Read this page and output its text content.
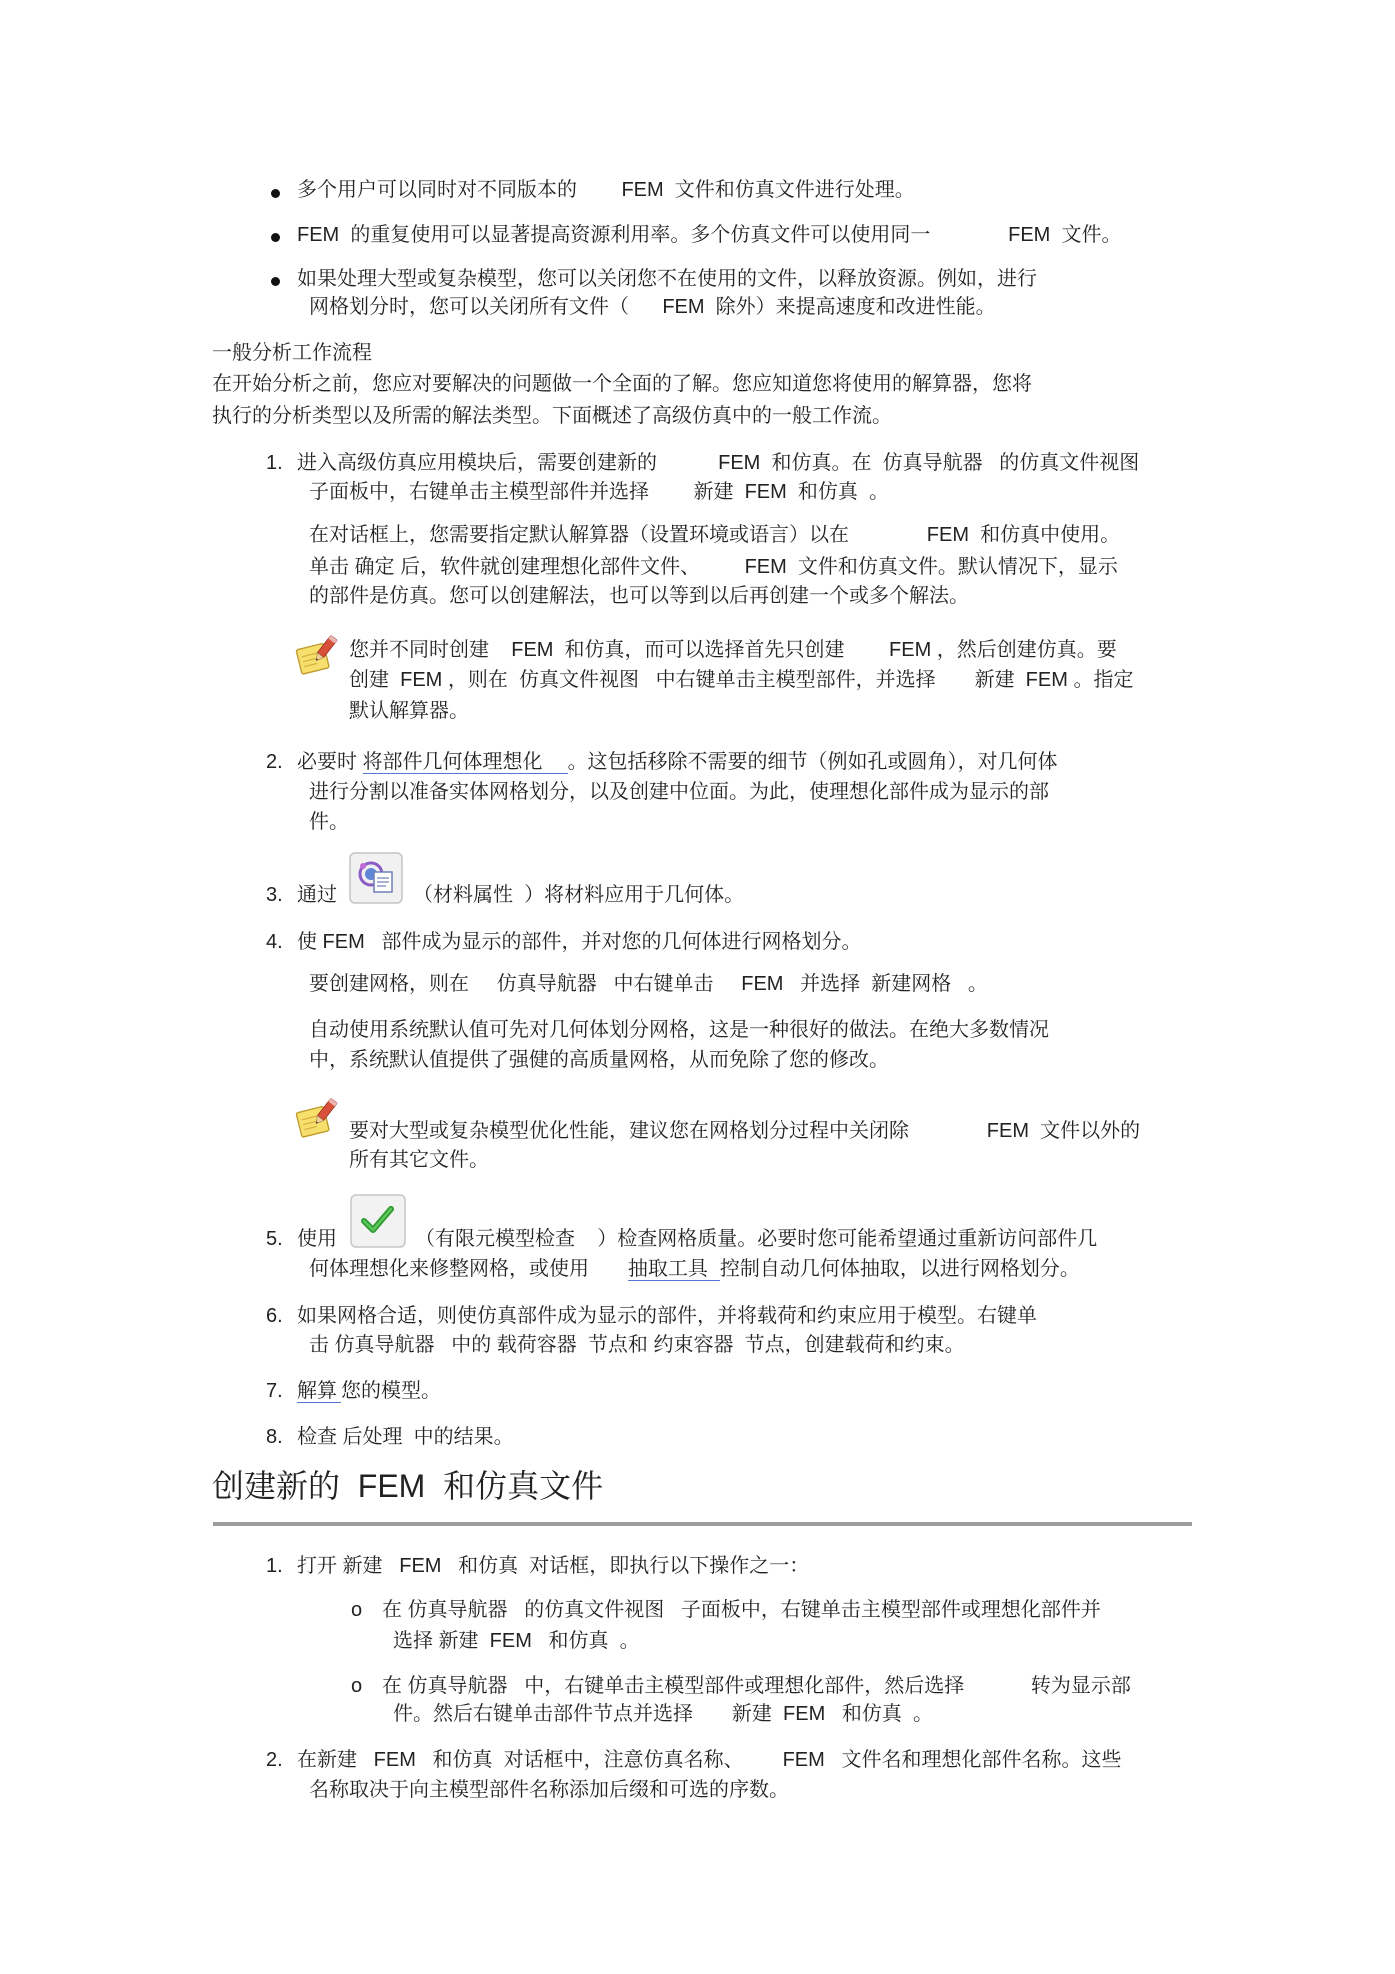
多个用户可以同时对不同版本的        FEM  文件和仿真文件进行处理。
FEM  的重复使用可以显著提高资源利用率。多个仿真文件可以使用同一              FEM  文件。
如果处理大型或复杂模型，您可以关闭您不在使用的文件，以释放资源。例如，进行
网格划分时，您可以关闭所有文件（      FEM  除外）来提高速度和改进性能。
一般分析工作流程
在开始分析之前，您应对要解决的问题做一个全面的了解。您应知道您将使用的解算器，您将
执行的分析类型以及所需的解法类型。下面概述了高级仿真中的一般工作流。
1. 进入高级仿真应用模块后，需要创建新的           FEM  和仿真。在  仿真导航器   的仿真文件视图
子面板中，右键单击主模型部件并选择        新建  FEM  和仿真  。
在对话框上，您需要指定默认解算器（设置环境或语言）以在              FEM  和仿真中使用。
单击 确定 后，软件就创建理想化部件文件、        FEM  文件和仿真文件。默认情况下，显示
的部件是仿真。您可以创建解法，也可以等到以后再创建一个或多个解法。
您并不同时创建    FEM  和仿真，而可以选择首先只创建        FEM ，然后创建仿真。要
创建  FEM ，则在  仿真文件视图   中右键单击主模型部件，并选择       新建  FEM 。指定
默认解算器。
2. 必要时 将部件几何体理想化 。这包括移除不需要的细节（例如孔或圆角），对几何体
进行分割以准备实体网格划分，以及创建中位面。为此，使理想化部件成为显示的部
件。
3. 通过	（材料属性  ）将材料应用于几何体。
4. 使 FEM   部件成为显示的部件，并对您的几何体进行网格划分。
要创建网格，则在     仿真导航器   中右键单击     FEM   并选择  新建网格   。
自动使用系统默认值可先对几何体划分网格，这是一种很好的做法。在绝大多数情况
中，系统默认值提供了强健的高质量网格，从而免除了您的修改。
要对大型或复杂模型优化性能，建议您在网格划分过程中关闭除              FEM  文件以外的
所有其它文件。
5. 使用	（有限元模型检查    ）检查网格质量。必要时您可能希望通过重新访问部件几
何体理想化来修整网格，或使用       抽取工具 控制自动几何体抽取，以进行网格划分。
6. 如果网格合适，则使仿真部件成为显示的部件，并将载荷和约束应用于模型。右键单
击 仿真导航器   中的 载荷容器  节点和 约束容器  节点，创建载荷和约束。
7. 解算 您的模型。
8. 检查 后处理  中的结果。
创建新的  FEM  和仿真文件
1. 打开 新建   FEM   和仿真  对话框，即执行以下操作之一：
o 在 仿真导航器   的仿真文件视图   子面板中，右键单击主模型部件或理想化部件并
选择 新建  FEM   和仿真  。
o 在 仿真导航器   中，右键单击主模型部件或理想化部件，然后选择            转为显示部
件。然后右键单击部件节点并选择       新建  FEM   和仿真  。
2. 在新建   FEM   和仿真  对话框中，注意仿真名称、       FEM   文件名和理想化部件名称。这些
名称取决于向主模型部件名称添加后缀和可选的序数。
